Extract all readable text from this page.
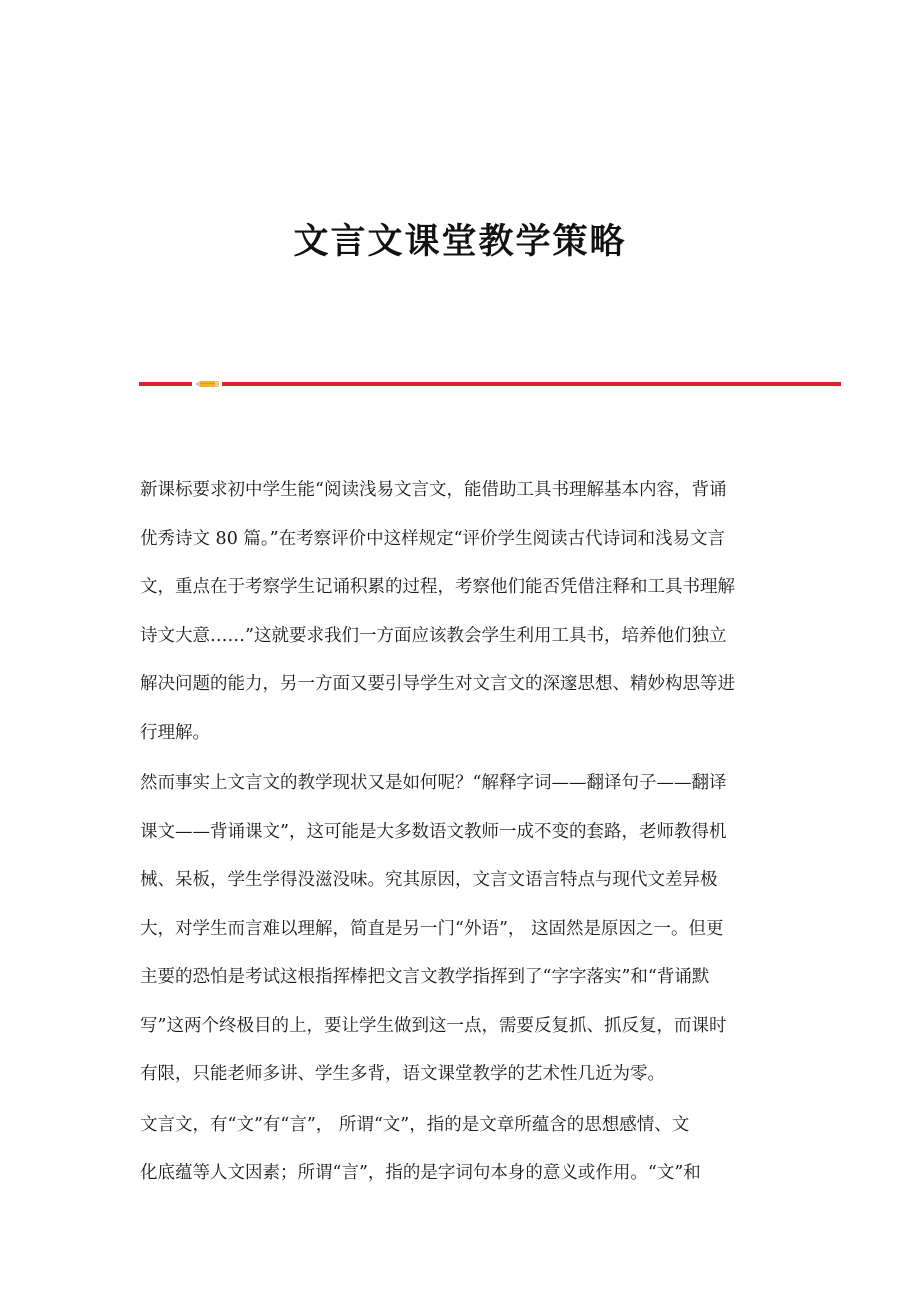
文言文课堂教学策略

新课标要求初中学生能“阅读浅易文言文，能借助工具书理解基本内容，背诵
优秀诗文 80 篇。”在考察评价中这样规定“评价学生阅读古代诗词和浅易文言
文，重点在于考察学生记诵积累的过程，考察他们能否凭借注释和工具书理解
诗文大意……”这就要求我们一方面应该教会学生利用工具书，培养他们独立
解决问题的能力，另一方面又要引导学生对文言文的深邃思想、精妙构思等进
行理解。

然而事实上文言文的教学现状又是如何呢？“解释字词——翻译句子——翻译
课文——背诵课文”，这可能是大多数语文教师一成不变的套路，老师教得机
械、呆板，学生学得没滋没味。究其原因，文言文语言特点与现代文差异极
大，对学生而言难以理解，简直是另一门“外语”， 这固然是原因之一。但更
主要的恐怕是考试这根指挥棒把文言文教学指挥到了“字字落实”和“背诵默
写”这两个终极目的上，要让学生做到这一点，需要反复抓、抓反复，而课时
有限，只能老师多讲、学生多背，语文课堂教学的艺术性几近为零。

文言文，有“文”有“言”， 所谓“文”，指的是文章所蕴含的思想感情、文
化底蕴等人文因素；所谓“言”，指的是字词句本身的意义或作用。“文”和
